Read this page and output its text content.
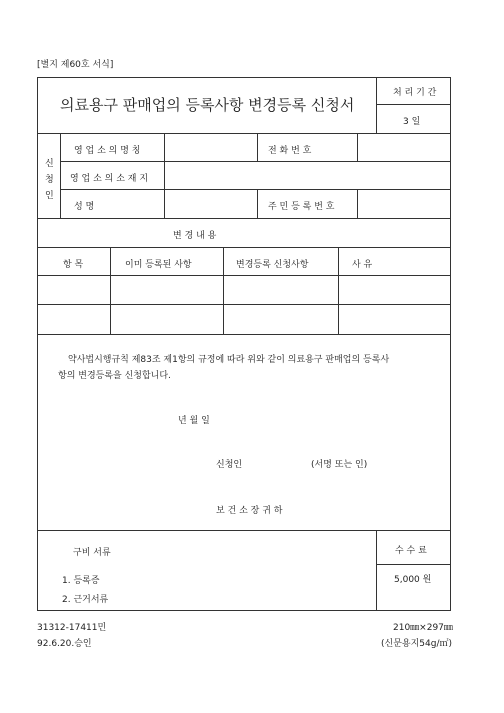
[별지 제60호 서식]
의료용구 판매업의 등록사항 변경등록 신청서
처 리 기 간
3 일
신
청
인
영 업 소 의 명 칭	전 화 번 호
영 업 소 의 소 재 지
성 명	주 민 등 록 번 호
변 경 내 용
항 목	이미 등록된 사항	변경등록 신청사항	사 유
약사법시행규칙 제83조 제1항의 규정에 따라 위와 같이 의료용구 판매업의 등록사
항의 변경등록을 신청합니다.
년 월 일
신청인	(서명 또는 인)
보 건 소 장 귀 하
구비 서류
1. 등록증
2. 근거서류
수 수 료
5,000 원
31312-17411민
92.6.20.승인
210㎜×297㎜
(신문용지54g/㎡)
